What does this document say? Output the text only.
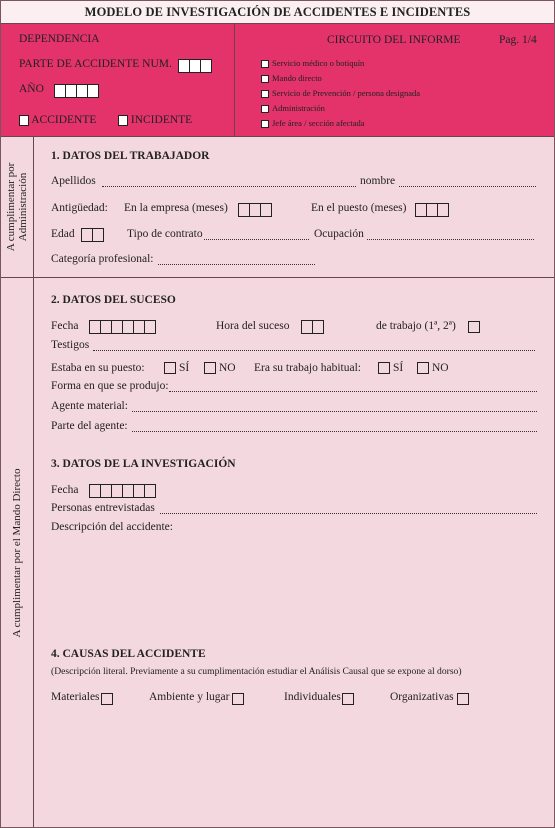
MODELO DE INVESTIGACIÓN DE ACCIDENTES E INCIDENTES
DEPENDENCIA
PARTE DE ACCIDENTE NUM.
AÑO
ACCIDENTE	INCIDENTE
CIRCUITO DEL INFORME	Pag. 1/4
Servicio médico o botiquín
Mando directo
Servicio de Prevención / persona designada
Administración
Jefe área / sección afectada
A cumplimentar por Administración
A cumplimentar por el Mando Directo
1. DATOS DEL TRABAJADOR
Apellidos	nombre
Antigüedad: En la empresa (meses)	En el puesto (meses)
Edad	Tipo de contrato	Ocupación
Categoría profesional:
2. DATOS DEL SUCESO
Fecha	Hora del suceso	de trabajo (1ª, 2ª)
Testigos
Estaba en su puesto:	SÍ	NO Era su trabajo habitual:	SÍ	NO
Forma en que se produjo:
Agente material:
Parte del agente:
3. DATOS DE LA INVESTIGACIÓN
Fecha
Personas entrevistadas
Descripción del accidente:
4. CAUSAS DEL ACCIDENTE
(Descripción literal. Previamente a su cumplimentación estudiar el Análisis Causal que se expone al dorso)
Materiales	Ambiente y lugar	Individuales	Organizativas
